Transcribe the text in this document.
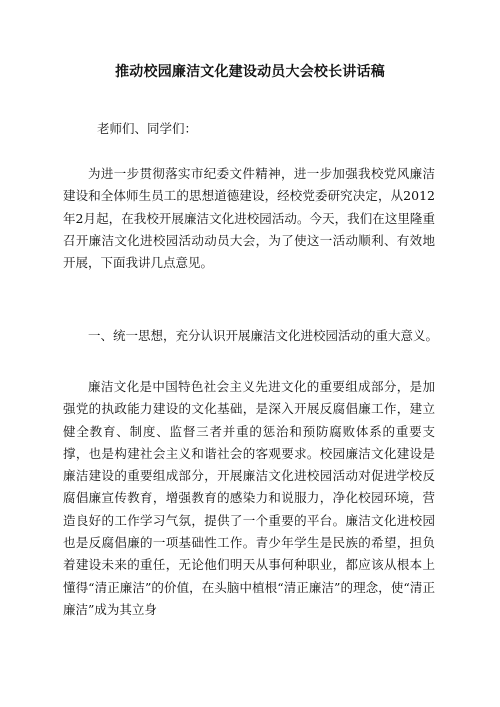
推动校园廉洁文化建设动员大会校长讲话稿
老师们、同学们：

为进一步贯彻落实市纪委文件精神，进一步加强我校党风廉洁建设和全体师生员工的思想道德建设，经校党委研究决定，从2012年2月起，在我校开展廉洁文化进校园活动。今天，我们在这里隆重召开廉洁文化进校园活动动员大会，为了使这一活动顺利、有效地开展，下面我讲几点意见。

一、统一思想，充分认识开展廉洁文化进校园活动的重大意义。

廉洁文化是中国特色社会主义先进文化的重要组成部分，是加强党的执政能力建设的文化基础，是深入开展反腐倡廉工作，建立健全教育、制度、监督三者并重的惩治和预防腐败体系的重要支撑，也是构建社会主义和谐社会的客观要求。校园廉洁文化建设是廉洁建设的重要组成部分，开展廉洁文化进校园活动对促进学校反腐倡廉宣传教育，增强教育的感染力和说服力，净化校园环境，营造良好的工作学习气氛，提供了一个重要的平台。廉洁文化进校园也是反腐倡廉的一项基础性工作。青少年学生是民族的希望，担负着建设未来的重任，无论他们明天从事何种职业，都应该从根本上懂得“清正廉洁”的价值，在头脑中植根“清正廉洁”的理念，使“清正廉洁”成为其立身
